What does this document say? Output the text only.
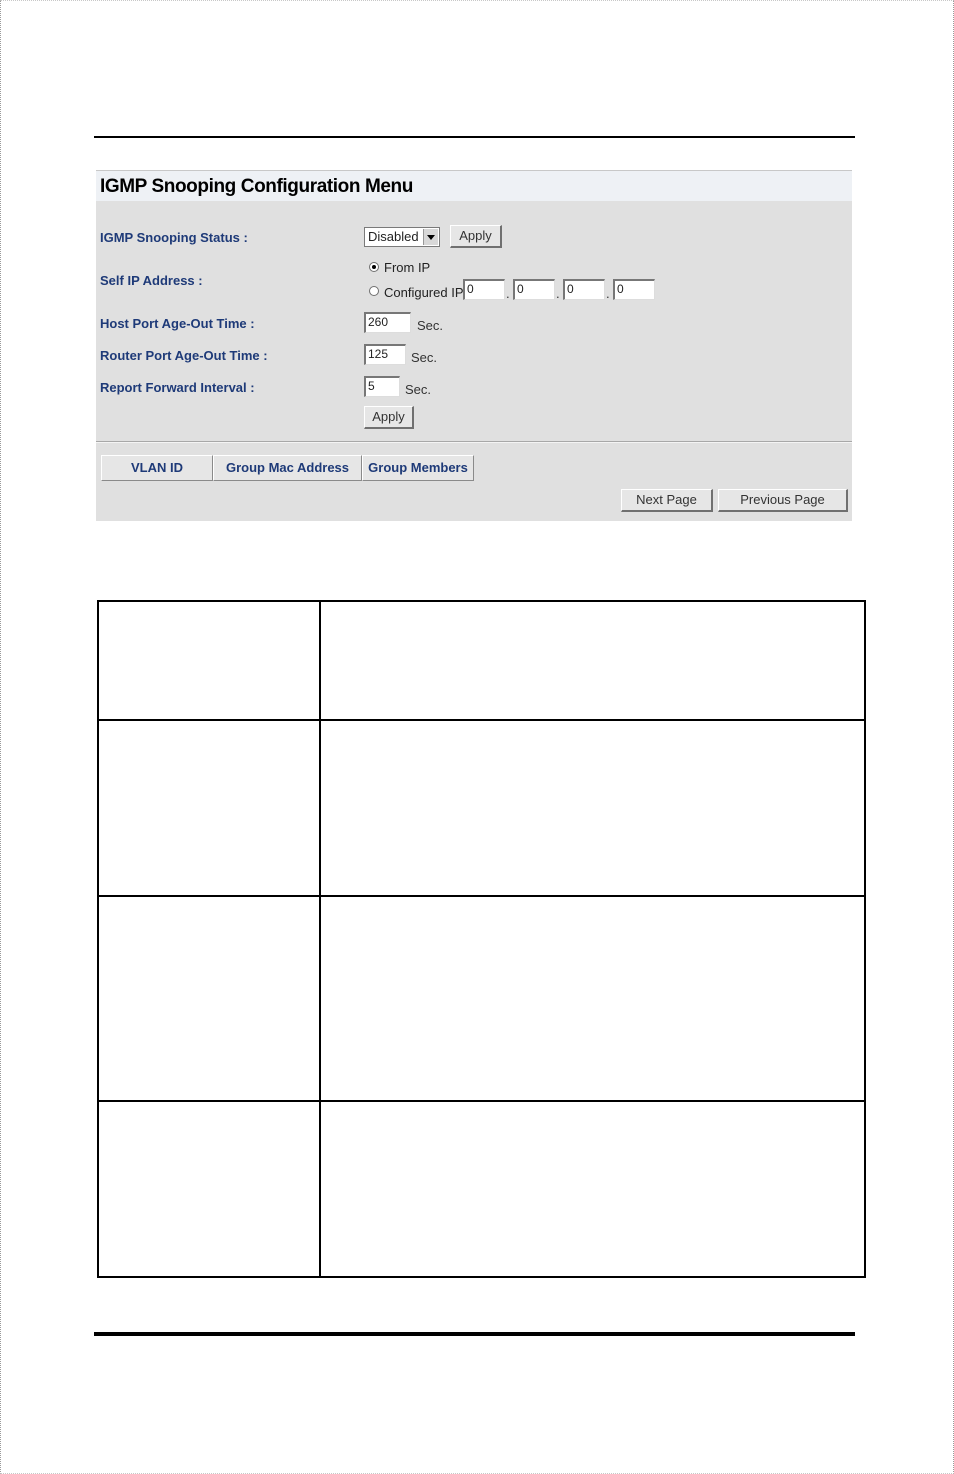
IGMP Snooping Configuration Menu
IGMP Snooping Status :	Disabled	Apply
Self IP Address :
From IP
Configured IP 0	. 0	. 0	. 0
Host Port Age-Out Time :	260	Sec.
Router Port Age-Out Time :	125	Sec.
Report Forward Interval :	5	Sec.
Apply
VLAN ID	Group Mac Address	Group Members
Next Page	Previous Page
